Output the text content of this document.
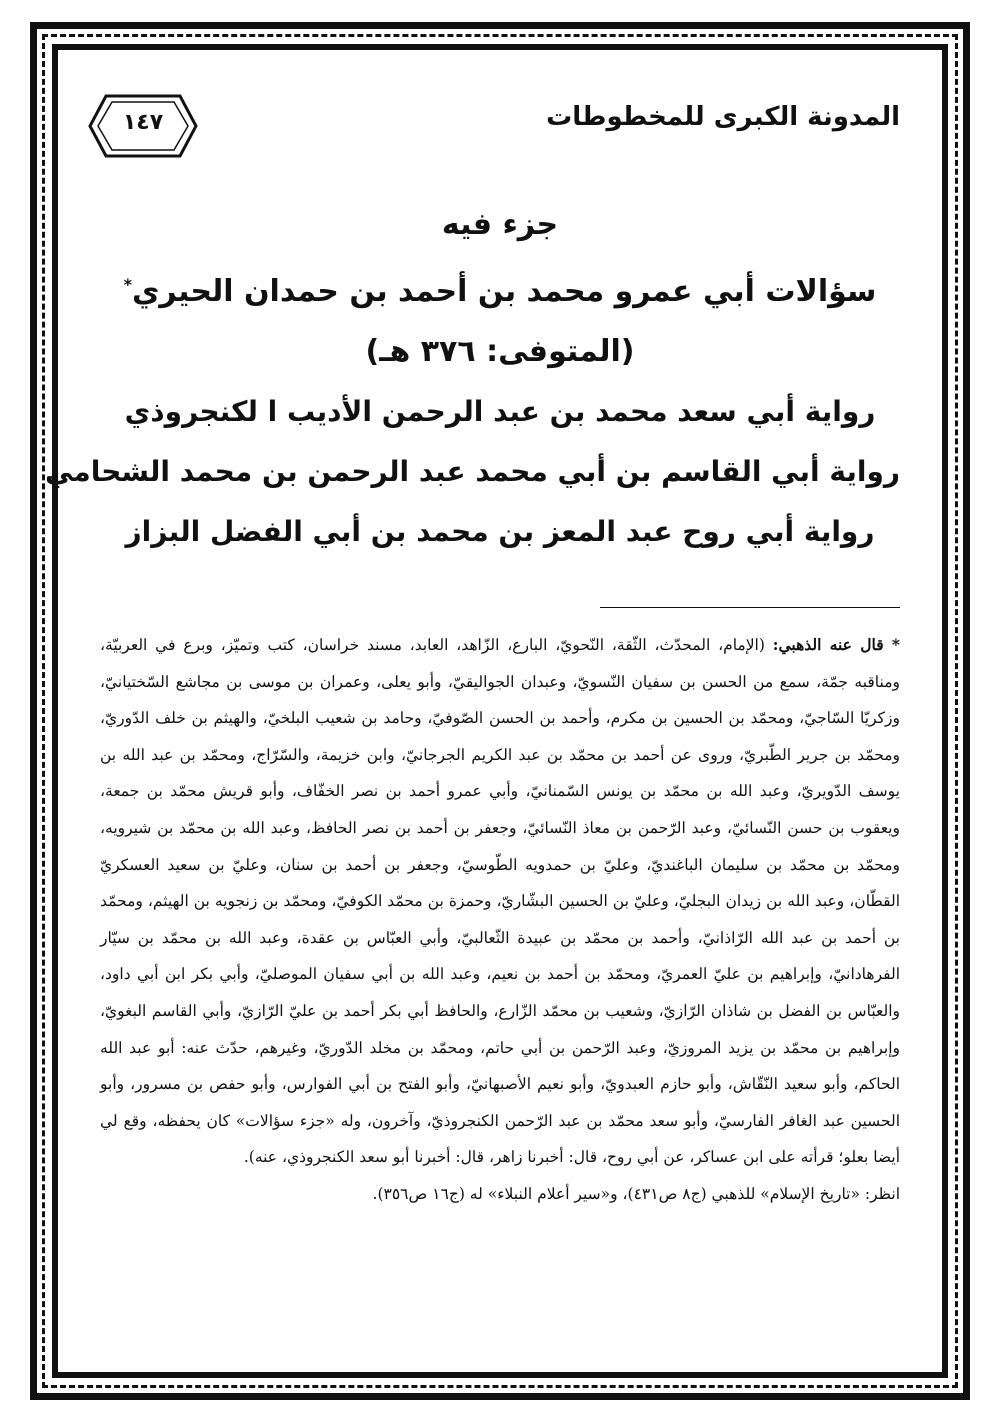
المدونة الكبرى للمخطوطات
١٤٧
جزء فيه
سؤالات أبي عمرو محمد بن أحمد بن حمدان الحيري*
(المتوفى: ٣٧٦ هـ)
رواية أبي سعد محمد بن عبد الرحمن الأديب ا لكنجروذي
رواية أبي القاسم بن أبي محمد عبد الرحمن بن محمد الشحامي
رواية أبي روح عبد المعز بن محمد بن أبي الفضل البزاز

* قال عنه الذهبي: (الإمام، المحدّث، الثّقة، النّحويّ، البارع، الزّاهد، العابد، مسند خراسان، كتب وتميّز، وبرع في العربيّة، ومناقبه جمّة، سمع من الحسن بن سفيان النّسويّ، وعبدان الجواليقيّ، وأبو يعلى، وعمران بن موسى بن مجاشع السّختيانيّ، وزكريّا السّاجيّ، ومحمّد بن الحسين بن مكرم، وأحمد بن الحسن الصّوفيّ، وحامد بن شعيب البلخيّ، والهيثم بن خلف الدّوريّ، ومحمّد بن جرير الطّبريّ، وروى عن أحمد بن محمّد بن عبد الكريم الجرجانيّ، وابن خزيمة، والسّرّاج، ومحمّد بن عبد الله بن يوسف الدّويريّ، وعبد الله بن محمّد بن يونس السّمنانيّ، وأبي عمرو أحمد بن نصر الخفّاف، وأبو قريش محمّد بن جمعة، ويعقوب بن حسن النّسائيّ، وعبد الرّحمن بن معاذ النّسائيّ، وجعفر بن أحمد بن نصر الحافظ، وعبد الله بن محمّد بن شيرويه، ومحمّد بن محمّد بن سليمان الباغنديّ، وعليّ بن حمدويه الطّوسيّ، وجعفر بن أحمد بن سنان، وعليّ بن سعيد العسكريّ القطّان، وعبد الله بن زيدان البجليّ، وعليّ بن الحسين البشّاريّ، وحمزة بن محمّد الكوفيّ، ومحمّد بن زنجويه بن الهيثم، ومحمّد بن أحمد بن عبد الله الرّاذانيّ، وأحمد بن محمّد بن عبيدة الثّعالبيّ، وأبي العبّاس بن عقدة، وعبد الله بن محمّد بن سيّار الفرهادانيّ، وإبراهيم بن عليّ العمريّ، ومحمّد بن أحمد بن نعيم، وعبد الله بن أبي سفيان الموصليّ، وأبي بكر ابن أبي داود، والعبّاس بن الفضل بن شاذان الرّازيّ، وشعيب بن محمّد الزّارع، والحافظ أبي بكر أحمد بن عليّ الرّازيّ، وأبي القاسم البغويّ، وإبراهيم بن محمّد بن يزيد المروزيّ، وعبد الرّحمن بن أبي حاتم، ومحمّد بن مخلد الدّوريّ، وغيرهم، حدّث عنه: أبو عبد الله الحاكم، وأبو سعيد النّقّاش، وأبو حازم العبدويّ، وأبو نعيم الأصبهانيّ، وأبو الفتح بن أبي الفوارس، وأبو حفص بن مسرور، وأبو الحسين عبد الغافر الفارسيّ، وأبو سعد محمّد بن عبد الرّحمن الكنجروذيّ، وآخرون، وله «جزء سؤالات» كان يحفظه، وقع لي أيضا بعلو؛ قرأته على ابن عساكر، عن أبي روح، قال: أخبرنا زاهر، قال: أخبرنا أبو سعد الكنجروذي، عنه).

انظر: «تاريخ الإسلام» للذهبي (ج٨ ص٤٣١)، و«سير أعلام النبلاء» له (ج١٦ ص٣٥٦).
